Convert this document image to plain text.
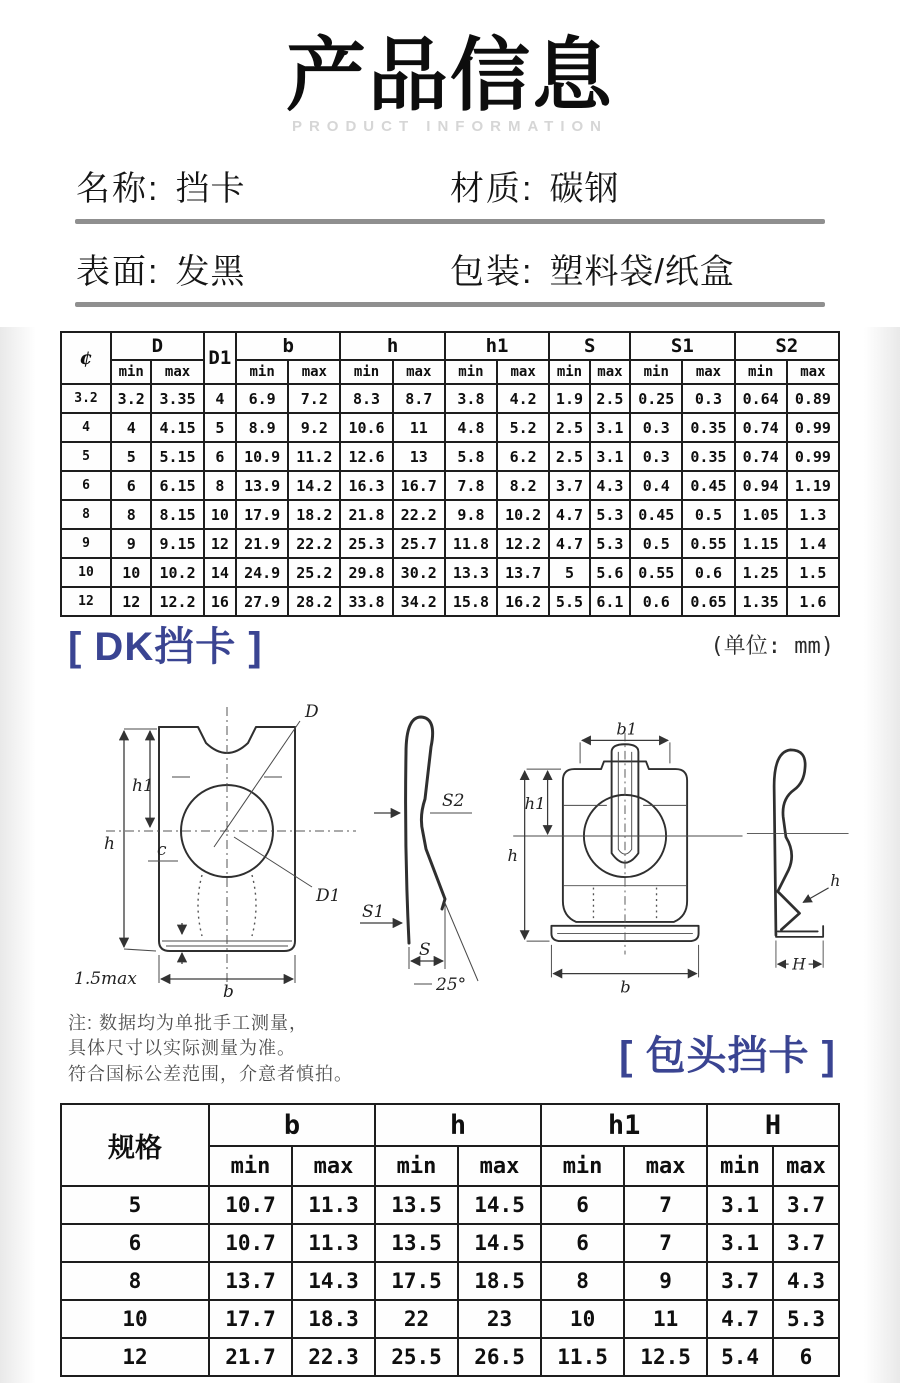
产品信息
PRODUCT INFORMATION
名称: 挡卡	材质: 碳钢
表面: 发黑	包装: 塑料袋/纸盒
¢	D		D1	b		h		h1		S		S1		S2	
	min	max		min	max	min	max	min	max	min	max	min	max	min	max
3.2	3.2	3.35	4	6.9	7.2	8.3	8.7	3.8	4.2	1.9	2.5	0.25	0.3	0.64	0.89
4	4	4.15	5	8.9	9.2	10.6	11	4.8	5.2	2.5	3.1	0.3	0.35	0.74	0.99
5	5	5.15	6	10.9	11.2	12.6	13	5.8	6.2	2.5	3.1	0.3	0.35	0.74	0.99
6	6	6.15	8	13.9	14.2	16.3	16.7	7.8	8.2	3.7	4.3	0.4	0.45	0.94	1.19
8	8	8.15	10	17.9	18.2	21.8	22.2	9.8	10.2	4.7	5.3	0.45	0.5	1.05	1.3
9	9	9.15	12	21.9	22.2	25.3	25.7	11.8	12.2	4.7	5.3	0.5	0.55	1.15	1.4
10	10	10.2	14	24.9	25.2	29.8	30.2	13.3	13.7	5	5.6	0.55	0.6	1.25	1.5
12	12	12.2	16	27.9	28.2	33.8	34.2	15.8	16.2	5.5	6.1	0.6	0.65	1.35	1.6
[ DK挡卡 ]	(单位: mm)
D
h1
h c
D1
b
1.5max
S2
S1
S
25°
b1
h1
h
b
h
H
注: 数据均为单批手工测量，
具体尺寸以实际测量为准。
符合国标公差范围，介意者慎拍。	[ 包头挡卡 ]
规格	b		h		h1		H	
	min	max	min	max	min	max	min	max
5	10.7	11.3	13.5	14.5	6	7	3.1	3.7
6	10.7	11.3	13.5	14.5	6	7	3.1	3.7
8	13.7	14.3	17.5	18.5	8	9	3.7	4.3
10	17.7	18.3	22	23	10	11	4.7	5.3
12	21.7	22.3	25.5	26.5	11.5	12.5	5.4	6
